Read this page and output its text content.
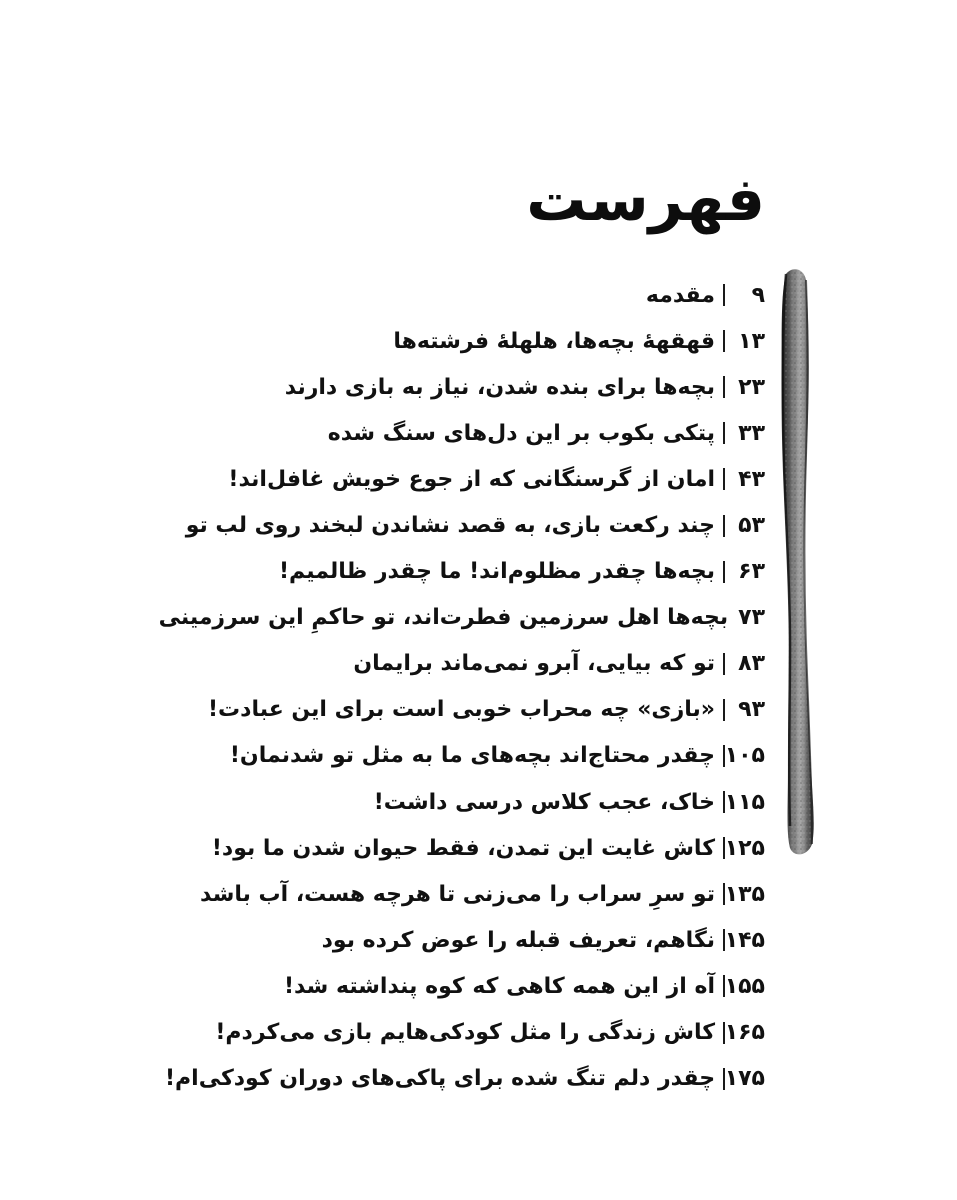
فهرست
۹
مقدمه
۱۳
قهقههٔ بچه‌ها، هلهلهٔ فرشته‌ها
۲۳
بچه‌ها برای بنده شدن، نیاز به بازی دارند
۳۳
پتکی بکوب بر این دل‌های سنگ شده
۴۳
امان از گرسنگانی که از جوع خویش غافل‌اند!
۵۳
چند رکعت بازی، به قصد نشاندن لبخند روی لب تو
۶۳
بچه‌ها چقدر مظلوم‌اند! ما چقدر ظالمیم!
۷۳
بچه‌ها اهل سرزمین فطرت‌اند، تو حاکمِ این سرزمینی
۸۳
تو که بیایی، آبرو نمی‌ماند برایمان
۹۳
«بازی» چه محراب خوبی است برای این عبادت!
۱۰۵
چقدر محتاج‌اند بچه‌های ما به مثل تو شدنمان!
۱۱۵
خاک، عجب کلاس درسی داشت!
۱۲۵
کاش غایت این تمدن، فقط حیوان شدن ما بود!
۱۳۵
تو سرِ سراب را می‌زنی تا هرچه هست، آب باشد
۱۴۵
نگاهم، تعریف قبله را عوض کرده بود
۱۵۵
آه از این همه کاهی که کوه پنداشته شد!
۱۶۵
کاش زندگی را مثل کودکی‌هایم بازی می‌کردم!
۱۷۵
چقدر دلم تنگ شده برای پاکی‌های دوران کودکی‌ام!
